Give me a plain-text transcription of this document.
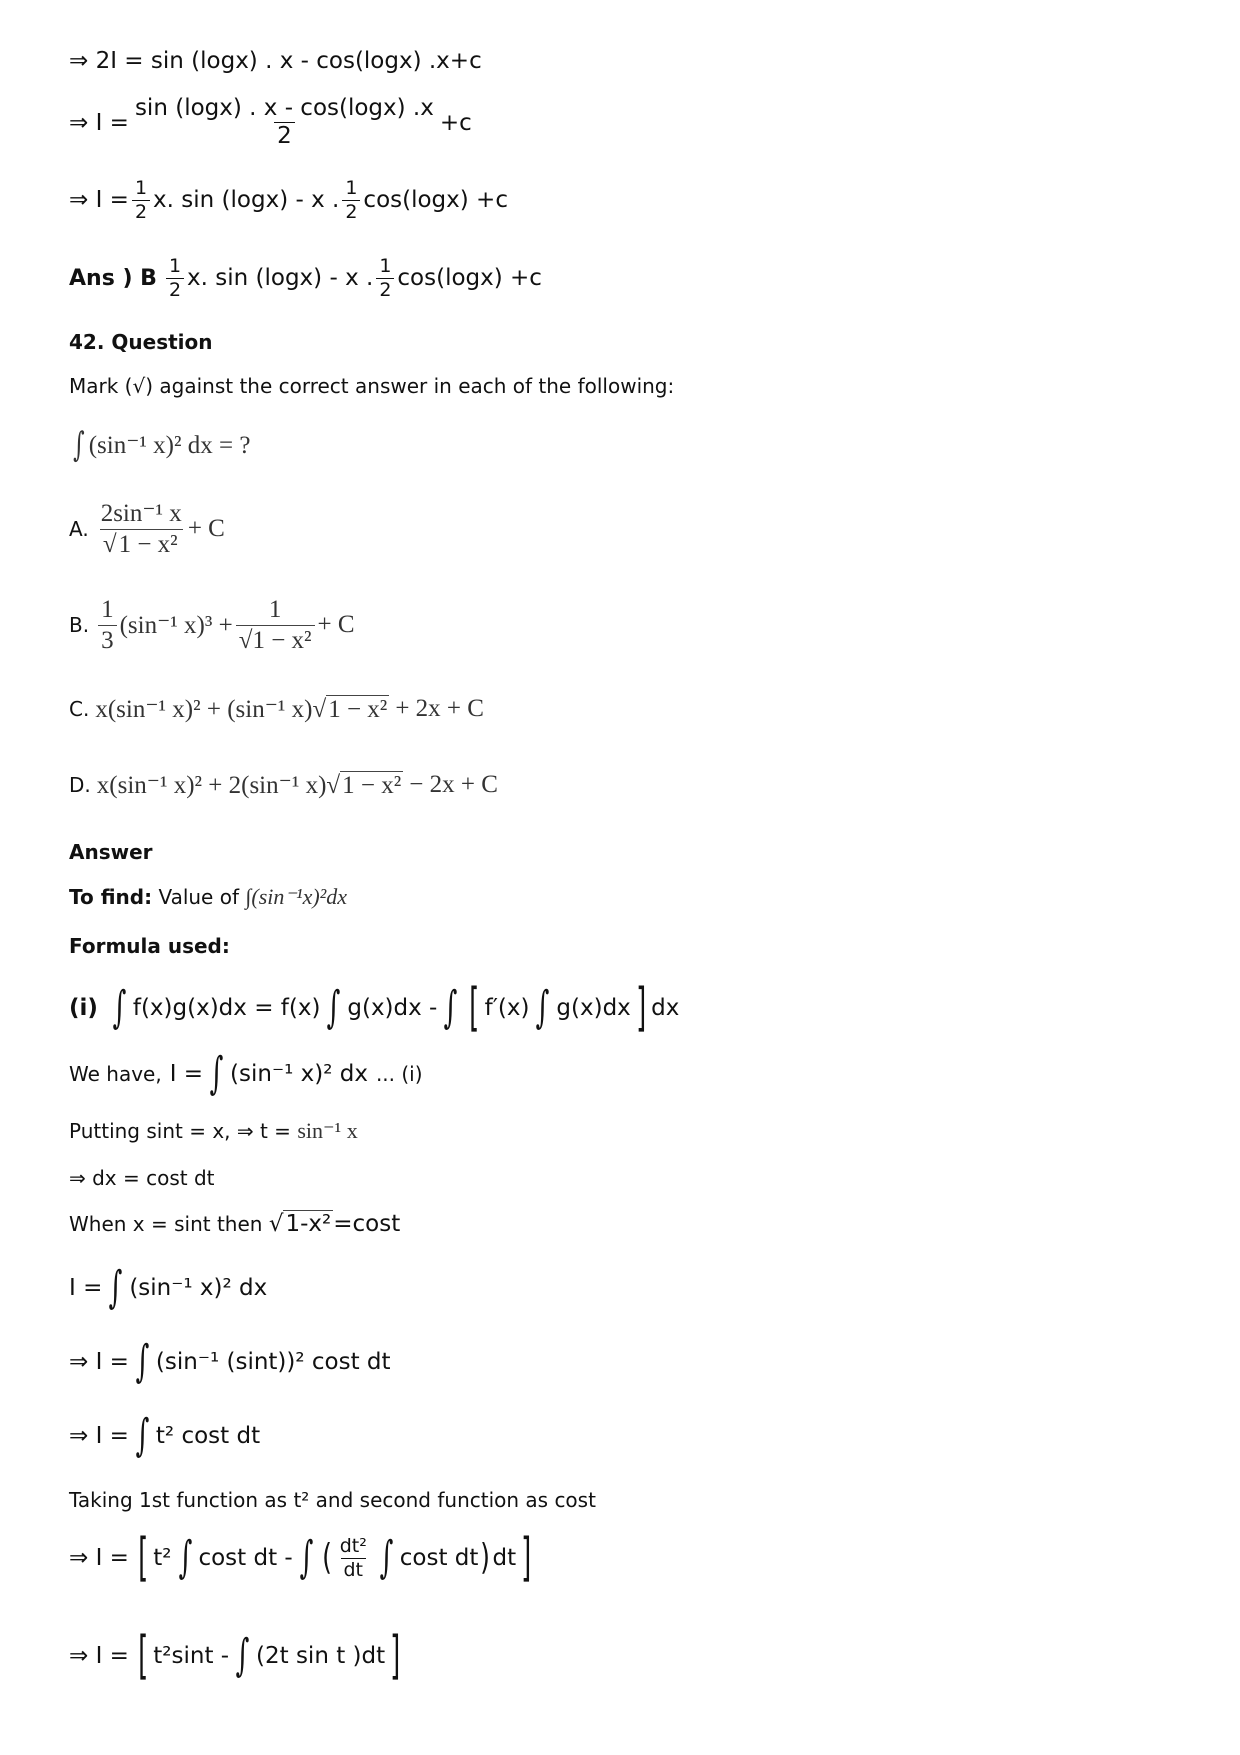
⇒ 2I = sin (logx) . x - cos(logx) .x+c
⇒ $I = \frac{\sin (\log x) . x - \cos(\log x) .x}{2} +c$
⇒ $I = \frac{1}{2} x$. sin (logx) - x . $\frac{1}{2} \cos(\log x) +c$
Ans ) B $\frac{1}{2} x$. sin (logx) - x . $\frac{1}{2} \cos(\log x) +c$
42. Question
Mark (√) against the correct answer in each of the following:
∫ (sin⁻¹ x)² dx = ?
A. $\frac{\text{2sin⁻¹ x}}{\text{√ 1 − x²}} + C$
B. $\frac{1}{3} (\sin^{-1}$ $x)^3 + \frac{1}{\text{√1 − x²}} + C$
C. x(sin⁻¹ x)² + (sin⁻¹ x) √ 1 − x² + 2x + C
D. x(sin⁻¹ x)² + 2(sin⁻¹ x) √ 1 − x² − 2x + C
Answer
To find:
Value of
∫(sin⁻¹x)²dx
Formula used:
(i) ∫ f(x)g(x)dx = f(x) ∫ g(x)dx - ∫ [ f′(x) ∫ g(x)dx ] dx
We have, I = ∫ (sin⁻¹ x)² dx ... (i)
Putting sint = x, ⇒ t =
sin⁻¹ x
⇒ dx = cost dt
When x = sint then
√ 1-x² =cost
I = ∫ (sin⁻¹ x)² dx
⇒ I = ∫ (sin⁻¹ (sint))² cost dt
⇒ I = ∫ t² cost dt
Taking 1st function as t² and second function as cost
⇒ I = [ t² ∫ cost dt - ∫ ( $\frac{\text{dt²}}{dt}$ ∫ cost dt ) dt ]
⇒ I = [ t²sint - ∫ (2t sin t )dt ]
